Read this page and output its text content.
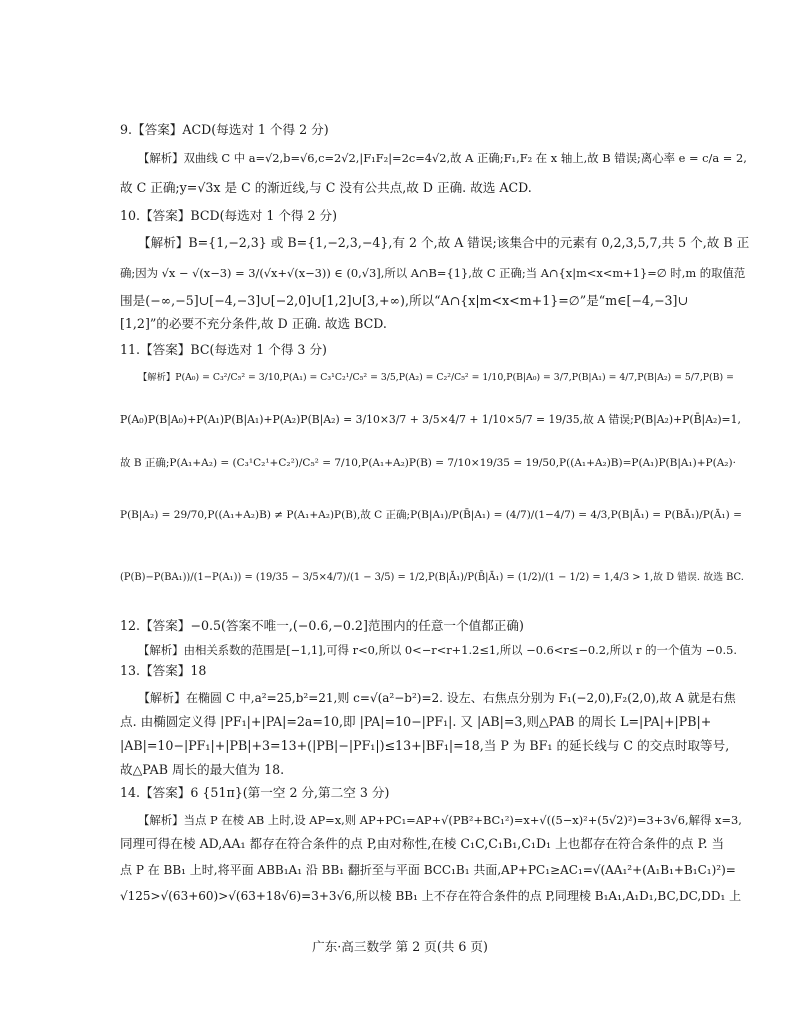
9.【答案】ACD(每选对 1 个得 2 分)
【解析】双曲线 C 中 a=√2,b=√6,c=2√2,|F₁F₂|=2c=4√2,故 A 正确;F₁,F₂ 在 x 轴上,故 B 错误;离心率 e = c/a = 2,
故 C 正确;y=√3x 是 C 的渐近线,与 C 没有公共点,故 D 正确. 故选 ACD.
10.【答案】BCD(每选对 1 个得 2 分)
【解析】B={1,−2,3} 或 B={1,−2,3,−4},有 2 个,故 A 错误;该集合中的元素有 0,2,3,5,7,共 5 个,故 B 正
确;因为 √x − √(x−3) = 3/(√x+√(x−3)) ∈ (0,√3],所以 A∩B={1},故 C 正确;当 A∩{x|m<x<m+1}=∅ 时,m 的取值范
围是(−∞,−5]∪[−4,−3]∪[−2,0]∪[1,2]∪[3,+∞),所以“A∩{x|m<x<m+1}=∅”是“m∈[−4,−3]∪
[1,2]”的必要不充分条件,故 D 正确. 故选 BCD.
11.【答案】BC(每选对 1 个得 3 分)
【解析】P(A₀) = C₃²/C₅² = 3/10,P(A₁) = C₃¹C₂¹/C₅² = 3/5,P(A₂) = C₂²/C₅² = 1/10,P(B|A₀) = 3/7,P(B|A₁) = 4/7,P(B|A₂) = 5/7,P(B) =
P(A₀)P(B|A₀)+P(A₁)P(B|A₁)+P(A₂)P(B|A₂) = 3/10×3/7 + 3/5×4/7 + 1/10×5/7 = 19/35,故 A 错误;P(B|A₂)+P(B̄|A₂)=1,
故 B 正确;P(A₁+A₂) = (C₃¹C₂¹+C₂²)/C₅² = 7/10,P(A₁+A₂)P(B) = 7/10×19/35 = 19/50,P((A₁+A₂)B)=P(A₁)P(B|A₁)+P(A₂)·
P(B|A₂) = 29/70,P((A₁+A₂)B) ≠ P(A₁+A₂)P(B),故 C 正确;P(B|A₁)/P(B̄|A₁) = (4/7)/(1−4/7) = 4/3,P(B|Ā₁) = P(BĀ₁)/P(Ā₁) =
(P(B)−P(BA₁))/(1−P(A₁)) = (19/35 − 3/5×4/7)/(1 − 3/5) = 1/2,P(B|Ā₁)/P(B̄|Ā₁) = (1/2)/(1 − 1/2) = 1,4/3 > 1,故 D 错误. 故选 BC.
12.【答案】−0.5(答案不唯一,(−0.6,−0.2]范围内的任意一个值都正确)
【解析】由相关系数的范围是[−1,1],可得 r<0,所以 0<−r<r+1.2≤1,所以 −0.6<r≤−0.2,所以 r 的一个值为 −0.5.
13.【答案】18
【解析】在椭圆 C 中,a²=25,b²=21,则 c=√(a²−b²)=2. 设左、右焦点分别为 F₁(−2,0),F₂(2,0),故 A 就是右焦
点. 由椭圆定义得 |PF₁|+|PA|=2a=10,即 |PA|=10−|PF₁|. 又 |AB|=3,则△PAB 的周长 L=|PA|+|PB|+
|AB|=10−|PF₁|+|PB|+3=13+(|PB|−|PF₁|)≤13+|BF₁|=18,当 P 为 BF₁ 的延长线与 C 的交点时取等号,
故△PAB 周长的最大值为 18.
14.【答案】6 {51π}(第一空 2 分,第二空 3 分)
【解析】当点 P 在棱 AB 上时,设 AP=x,则 AP+PC₁=AP+√(PB²+BC₁²)=x+√((5−x)²+(5√2)²)=3+3√6,解得 x=3,
同理可得在棱 AD,AA₁ 都存在符合条件的点 P,由对称性,在棱 C₁C,C₁B₁,C₁D₁ 上也都存在符合条件的点 P. 当
点 P 在 BB₁ 上时,将平面 ABB₁A₁ 沿 BB₁ 翻折至与平面 BCC₁B₁ 共面,AP+PC₁≥AC₁=√(AA₁²+(A₁B₁+B₁C₁)²)=
√125>√(63+60)>√(63+18√6)=3+3√6,所以棱 BB₁ 上不存在符合条件的点 P,同理棱 B₁A₁,A₁D₁,BC,DC,DD₁ 上
广东·高三数学 第 2 页(共 6 页)
